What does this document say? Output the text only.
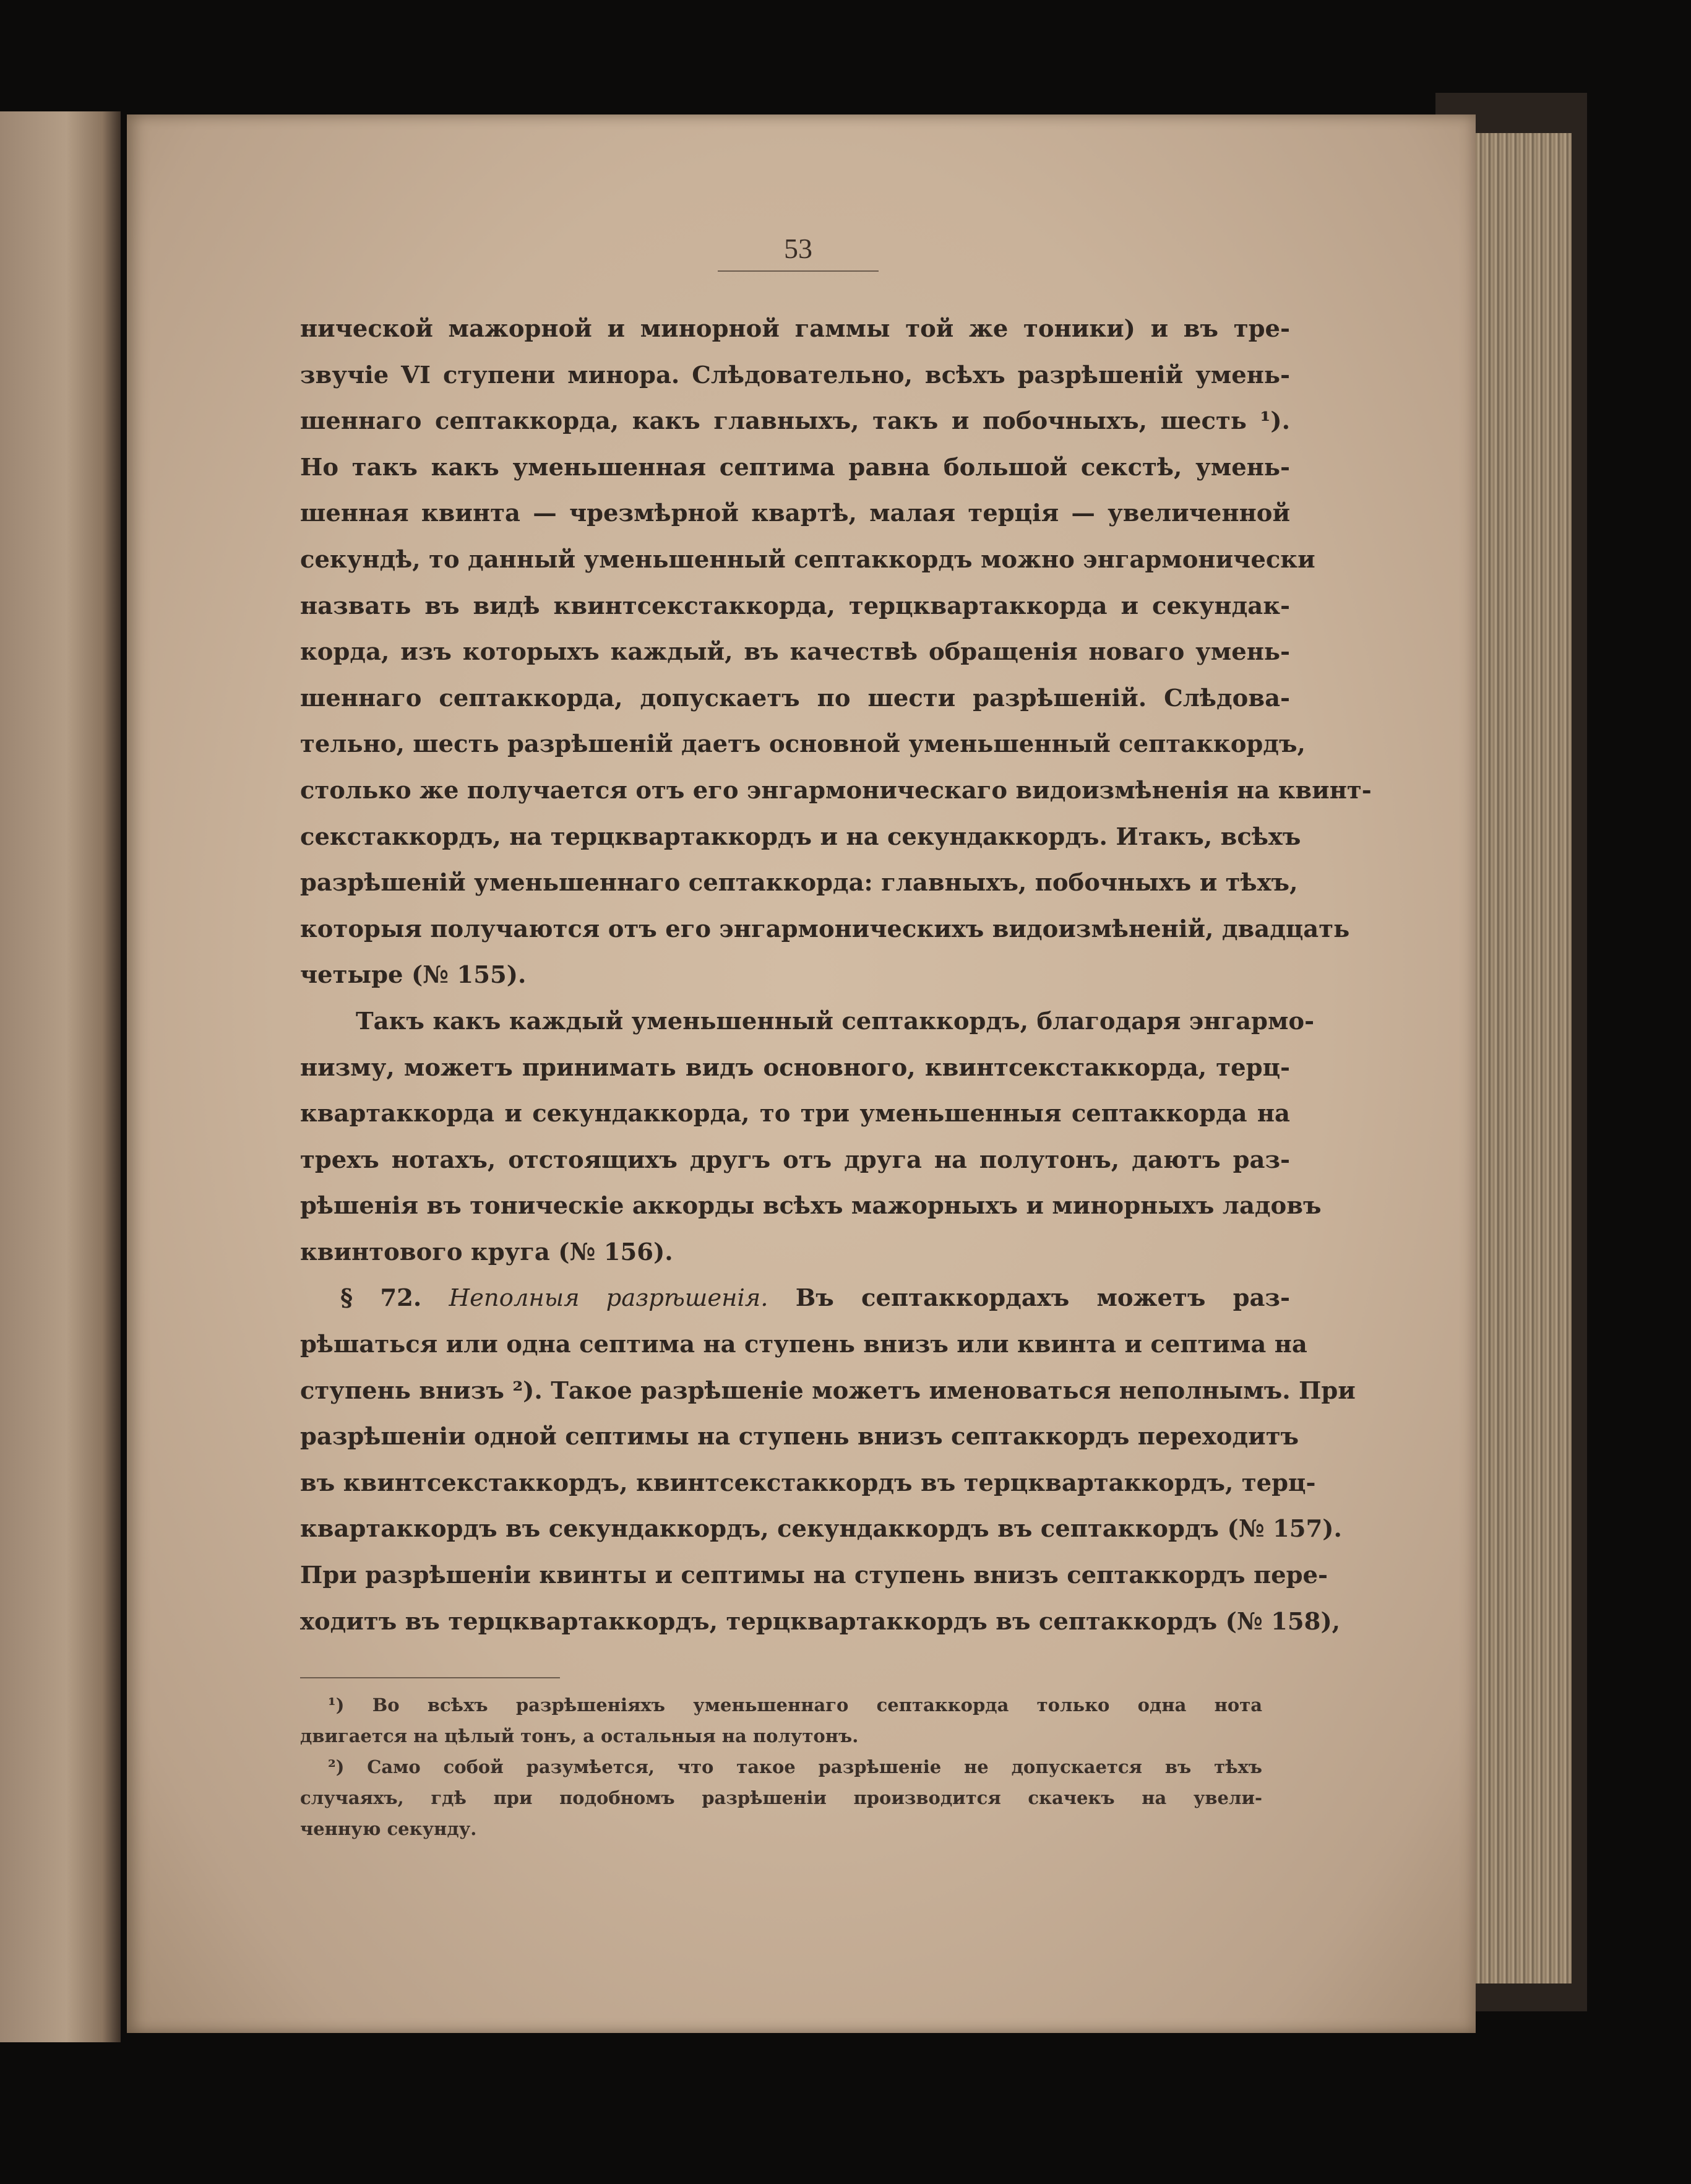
53
нической мажорной и минорной гаммы той же тоники) и въ тре-
звучіе VI ступени минора. Слѣдовательно, всѣхъ разрѣшеній умень-
шеннаго септаккорда, какъ главныхъ, такъ и побочныхъ, шесть ¹).
Но такъ какъ уменьшенная септима равна большой секстѣ, умень-
шенная квинта — чрезмѣрной квартѣ, малая терція — увеличенной
секундѣ, то данный уменьшенный септаккордъ можно энгармонически
назвать въ видѣ квинтсекстаккорда, терцквартаккорда и секундак-
корда, изъ которыхъ каждый, въ качествѣ обращенія новаго умень-
шеннаго септаккорда, допускаетъ по шести разрѣшеній. Слѣдова-
тельно, шесть разрѣшеній даетъ основной уменьшенный септаккордъ,
столько же получается отъ его энгармоническаго видоизмѣненія на квинт-
секстаккордъ, на терцквартаккордъ и на секундаккордъ. Итакъ, всѣхъ
разрѣшеній уменьшеннаго септаккорда: главныхъ, побочныхъ и тѣхъ,
которыя получаются отъ его энгармоническихъ видоизмѣненій, двадцать
четыре (№ 155).
Такъ какъ каждый уменьшенный септаккордъ, благодаря энгармо-
низму, можетъ принимать видъ основного, квинтсекстаккорда, терц-
квартаккорда и секундаккорда, то три уменьшенныя септаккорда на
трехъ нотахъ, отстоящихъ другъ отъ друга на полутонъ, даютъ раз-
рѣшенія въ тоническіе аккорды всѣхъ мажорныхъ и минорныхъ ладовъ
квинтового круга (№ 156).
§ 72. Неполныя разрѣшенія. Въ септаккордахъ можетъ раз-
рѣшаться или одна септима на ступень внизъ или квинта и септима на
ступень внизъ ²). Такое разрѣшеніе можетъ именоваться неполнымъ. При
разрѣшеніи одной септимы на ступень внизъ септаккордъ переходитъ
въ квинтсекстаккордъ, квинтсекстаккордъ въ терцквартаккордъ, терц-
квартаккордъ въ секундаккордъ, секундаккордъ въ септаккордъ (№ 157).
При разрѣшеніи квинты и септимы на ступень внизъ септаккордъ пере-
ходитъ въ терцквартаккордъ, терцквартаккордъ въ септаккордъ (№ 158),
¹) Во всѣхъ разрѣшеніяхъ уменьшеннаго септаккорда только одна нота
двигается на цѣлый тонъ, а остальныя на полутонъ.
²) Само собой разумѣется, что такое разрѣшеніе не допускается въ тѣхъ
случаяхъ, гдѣ при подобномъ разрѣшеніи производится скачекъ на увели-
ченную секунду.
